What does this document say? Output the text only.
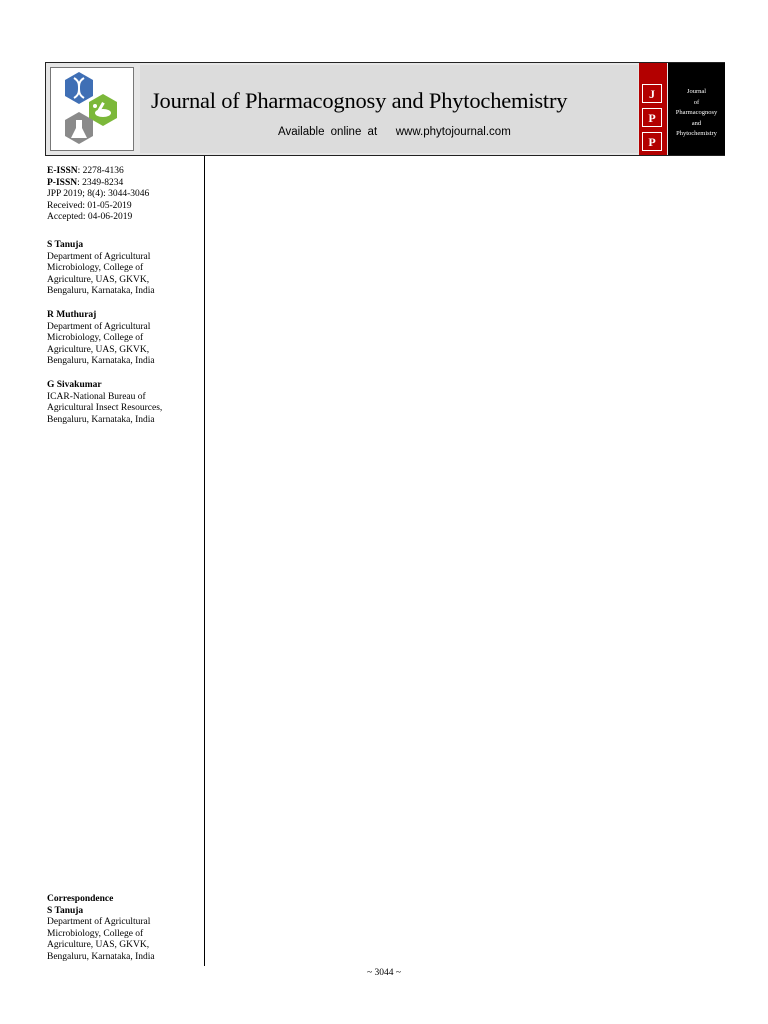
Journal of Pharmacognosy and Phytochemistry
Available online at www.phytojournal.com
J
P
P
Journal
of
Pharmacognosy
and
Phytochemistry
E-ISSN: 2278-4136
P-ISSN: 2349-8234
JPP 2019; 8(4): 3044-3046
Received: 01-05-2019
Accepted: 04-06-2019
S Tanuja
Department of Agricultural
Microbiology, College of
Agriculture, UAS, GKVK,
Bengaluru, Karnataka, India
R Muthuraj
Department of Agricultural
Microbiology, College of
Agriculture, UAS, GKVK,
Bengaluru, Karnataka, India
G Sivakumar
ICAR-National Bureau of
Agricultural Insect Resources,
Bengaluru, Karnataka, India
Correspondence
S Tanuja
Department of Agricultural
Microbiology, College of
Agriculture, UAS, GKVK,
Bengaluru, Karnataka, India
~ 3044 ~
